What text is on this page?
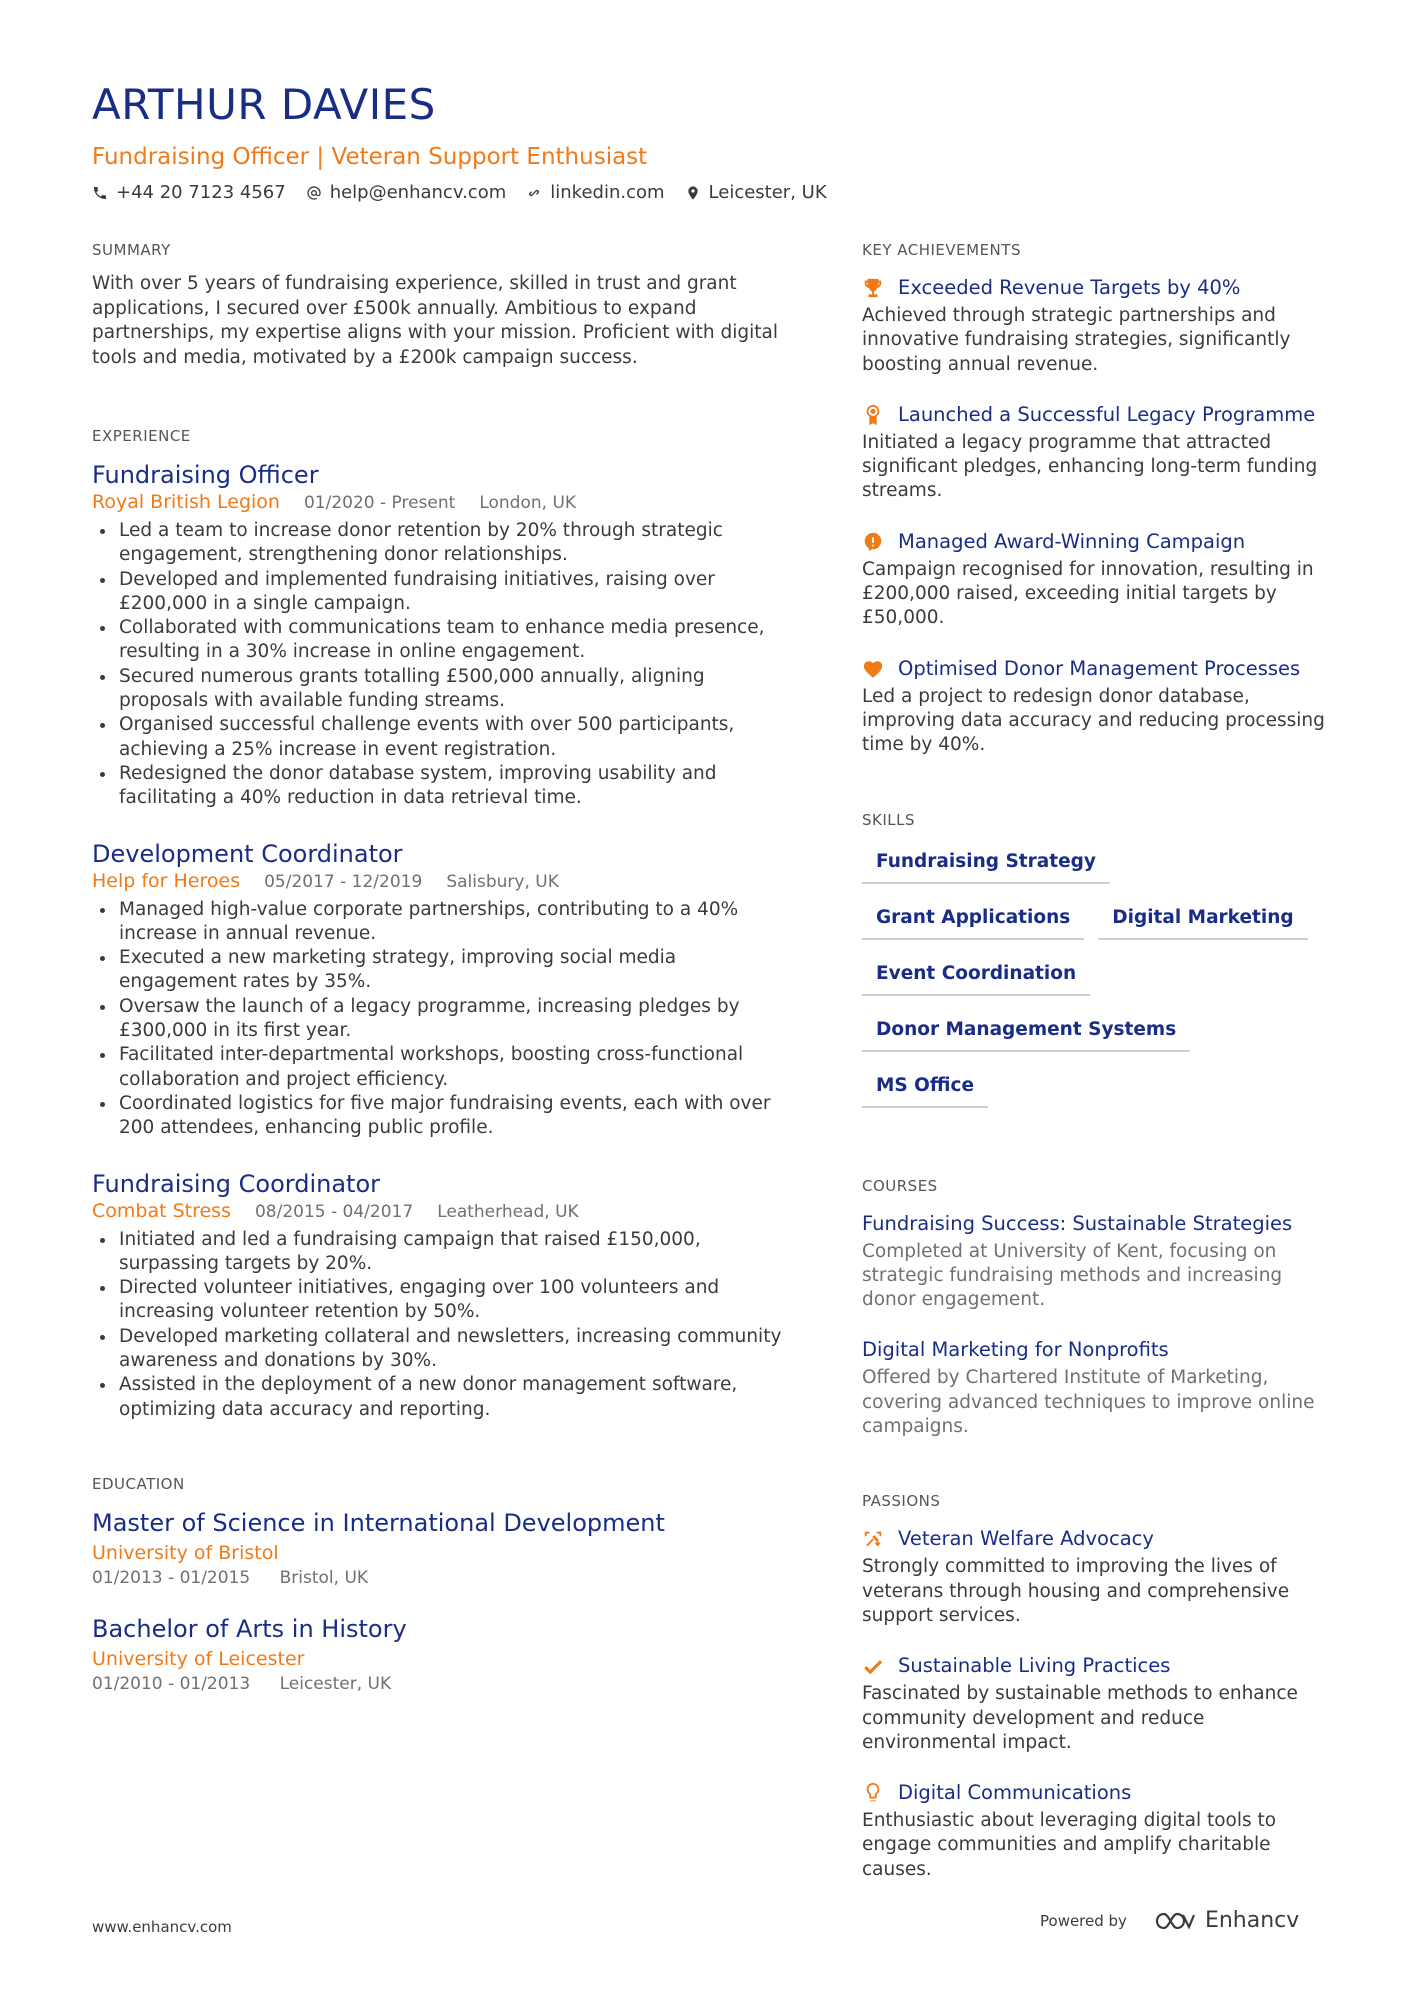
ARTHUR DAVIES
Fundraising Officer | Veteran Support Enthusiast
+44 20 7123 4567 help@enhancv.com linkedin.com Leicester, UK
SUMMARY

With over 5 years of fundraising experience, skilled in trust and grant applications, I secured over £500k annually. Ambitious to expand partnerships, my expertise aligns with your mission. Proficient with digital tools and media, motivated by a £200k campaign success.

EXPERIENCE
Fundraising Officer
Royal British Legion 01/2020 - Present London, UK
Led a team to increase donor retention by 20% through strategic engagement, strengthening donor relationships.
Developed and implemented fundraising initiatives, raising over £200,000 in a single campaign.
Collaborated with communications team to enhance media presence, resulting in a 30% increase in online engagement.
Secured numerous grants totalling £500,000 annually, aligning proposals with available funding streams.
Organised successful challenge events with over 500 participants, achieving a 25% increase in event registration.
Redesigned the donor database system, improving usability and facilitating a 40% reduction in data retrieval time.
Development Coordinator
Help for Heroes 05/2017 - 12/2019 Salisbury, UK
Managed high-value corporate partnerships, contributing to a 40% increase in annual revenue.
Executed a new marketing strategy, improving social media engagement rates by 35%.
Oversaw the launch of a legacy programme, increasing pledges by £300,000 in its first year.
Facilitated inter-departmental workshops, boosting cross-functional collaboration and project efficiency.
Coordinated logistics for five major fundraising events, each with over 200 attendees, enhancing public profile.
Fundraising Coordinator
Combat Stress 08/2015 - 04/2017 Leatherhead, UK
Initiated and led a fundraising campaign that raised £150,000, surpassing targets by 20%.
Directed volunteer initiatives, engaging over 100 volunteers and increasing volunteer retention by 50%.
Developed marketing collateral and newsletters, increasing community awareness and donations by 30%.
Assisted in the deployment of a new donor management software, optimizing data accuracy and reporting.
EDUCATION
Master of Science in International Development
University of Bristol
01/2013 - 01/2015 Bristol, UK
Bachelor of Arts in History
University of Leicester
01/2010 - 01/2013 Leicester, UK
KEY ACHIEVEMENTS
Exceeded Revenue Targets by 40%

Achieved through strategic partnerships and innovative fundraising strategies, significantly boosting annual revenue.

Launched a Successful Legacy Programme

Initiated a legacy programme that attracted significant pledges, enhancing long-term funding streams.

Managed Award-Winning Campaign

Campaign recognised for innovation, resulting in £200,000 raised, exceeding initial targets by £50,000.

Optimised Donor Management Processes

Led a project to redesign donor database, improving data accuracy and reducing processing time by 40%.

SKILLS
Fundraising Strategy
Grant Applications	Digital Marketing
Event Coordination
Donor Management Systems
MS Office
COURSES
Fundraising Success: Sustainable Strategies

Completed at University of Kent, focusing on strategic fundraising methods and increasing donor engagement.

Digital Marketing for Nonprofits

Offered by Chartered Institute of Marketing, covering advanced techniques to improve online campaigns.

PASSIONS
Veteran Welfare Advocacy

Strongly committed to improving the lives of veterans through housing and comprehensive support services.

Sustainable Living Practices

Fascinated by sustainable methods to enhance community development and reduce environmental impact.

Digital Communications

Enthusiastic about leveraging digital tools to engage communities and amplify charitable causes.

www.enhancv.com	Powered by	Enhancv
